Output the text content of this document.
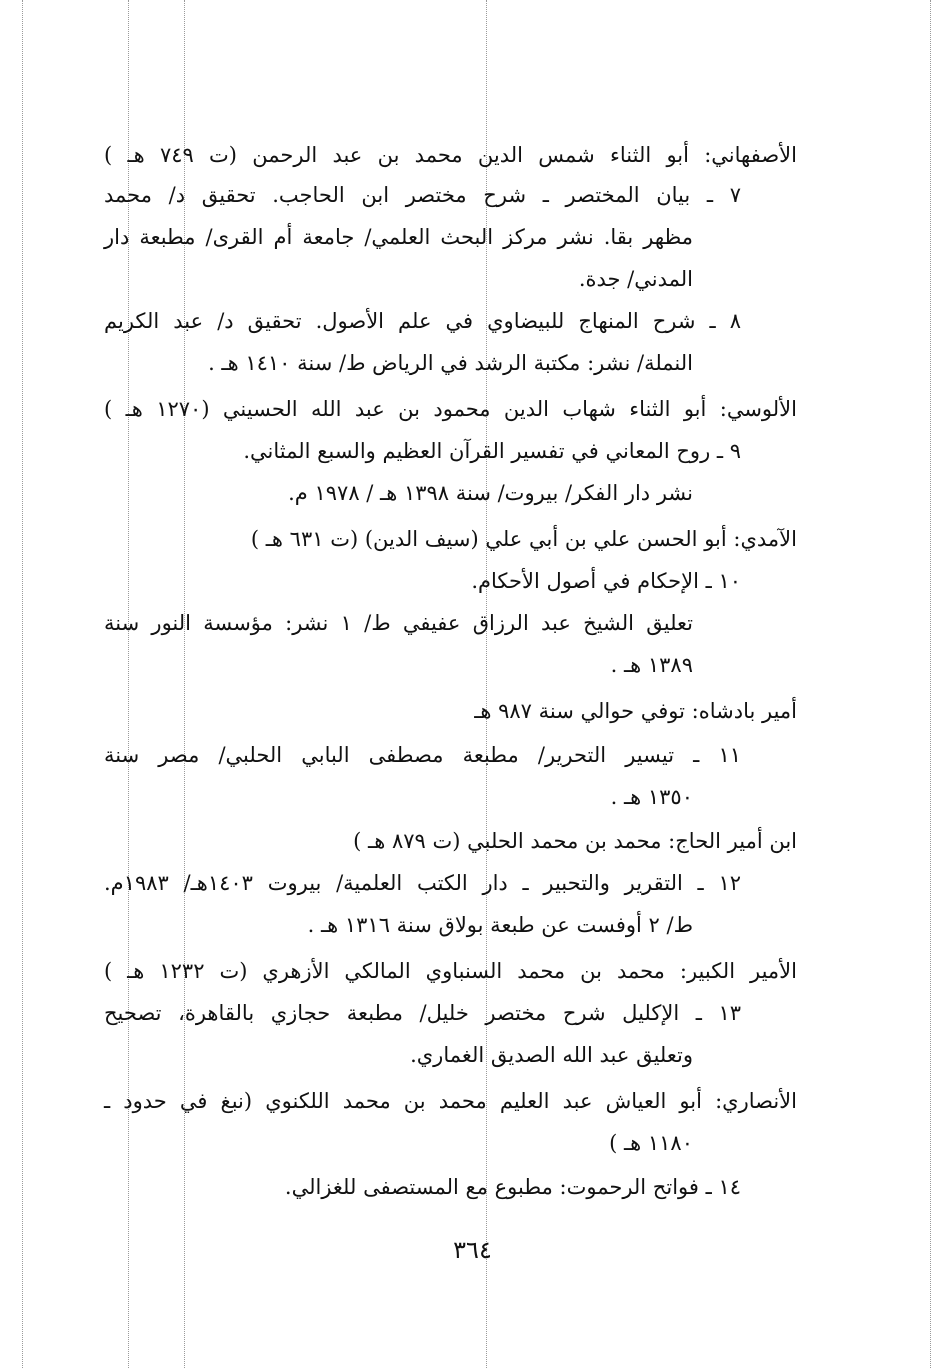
الأصفهاني: أبو الثناء شمس الدين محمد بن عبد الرحمن (ت ٧٤٩ هـ )
٧ ـ بيان المختصر ـ شرح مختصر ابن الحاجب. تحقيق د/ محمد
مظهر بقا. نشر مركز البحث العلمي/ جامعة أم القرى/ مطبعة دار
المدني/ جدة.
٨ ـ شرح المنهاج للبيضاوي في علم الأصول. تحقيق د/ عبد الكريم
النملة/ نشر: مكتبة الرشد في الرياض ط/ سنة ١٤١٠ هـ .
الألوسي: أبو الثناء شهاب الدين محمود بن عبد الله الحسيني (١٢٧٠ هـ )
٩ ـ روح المعاني في تفسير القرآن العظيم والسبع المثاني.
نشر دار الفكر/ بيروت/ سنة ١٣٩٨ هـ / ١٩٧٨ م.
الآمدي: أبو الحسن علي بن أبي علي (سيف الدين) (ت ٦٣١ هـ )
١٠ ـ الإحكام في أصول الأحكام.
تعليق الشيخ عبد الرزاق عفيفي ط/ ١ نشر: مؤسسة النور سنة
١٣٨٩ هـ .
أمير بادشاه: توفي حوالي سنة ٩٨٧ هـ
١١ ـ تيسير التحرير/ مطبعة مصطفى البابي الحلبي/ مصر سنة
١٣٥٠ هـ .
ابن أمير الحاج: محمد بن محمد الحلبي (ت ٨٧٩ هـ )
١٢ ـ التقرير والتحبير ـ دار الكتب العلمية/ بيروت ١٤٠٣هـ/ ١٩٨٣م.
ط/ ٢ أوفست عن طبعة بولاق سنة ١٣١٦ هـ .
الأمير الكبير: محمد بن محمد السنباوي المالكي الأزهري (ت ١٢٣٢ هـ )
١٣ ـ الإكليل شرح مختصر خليل/ مطبعة حجازي بالقاهرة، تصحيح
وتعليق عبد الله الصديق الغماري.
الأنصاري: أبو العياش عبد العليم محمد بن محمد اللكنوي (نبغ في حدود ـ
١١٨٠ هـ )
١٤ ـ فواتح الرحموت: مطبوع مع المستصفى للغزالي.
٣٦٤
